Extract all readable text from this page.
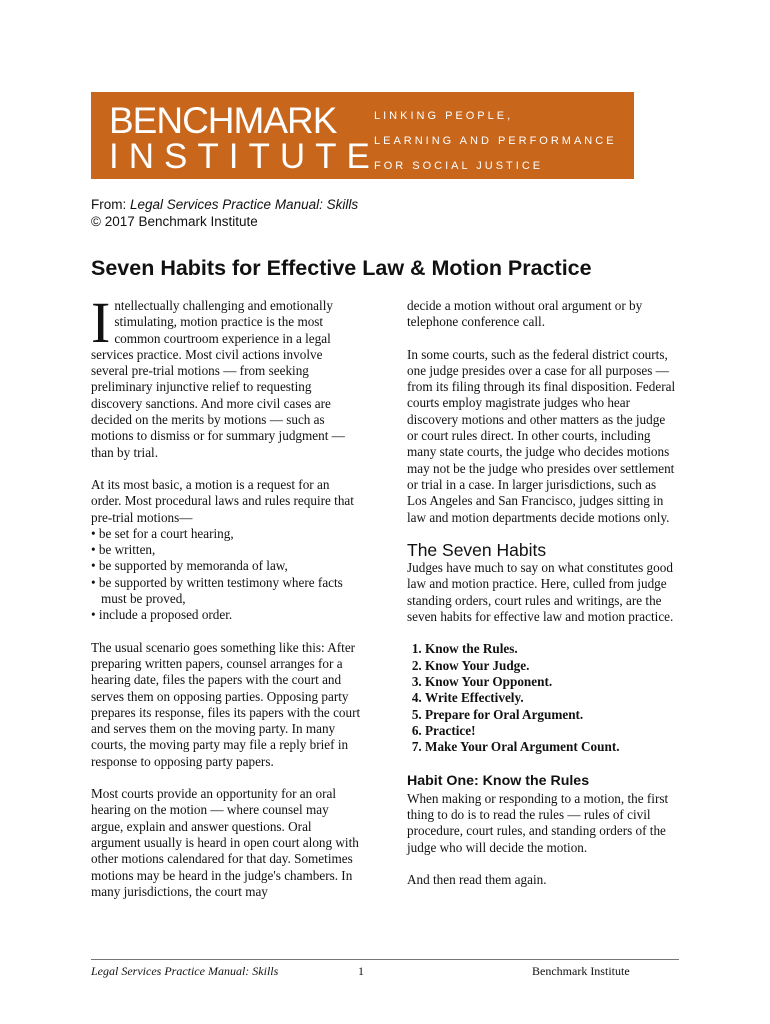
BENCHMARK
INSTITUTE
LINKING PEOPLE,
LEARNING AND PERFORMANCE
FOR SOCIAL JUSTICE
From: Legal Services Practice Manual: Skills
© 2017 Benchmark Institute
Seven Habits for Effective Law & Motion Practice

Intellectually challenging and emotionally stimulating, motion practice is the most common courtroom experience in a legal services practice. Most civil actions involve several pre-trial motions — from seeking preliminary injunctive relief to requesting discovery sanctions. And more civil cases are decided on the merits by motions — such as motions to dismiss or for summary judgment — than by trial.

At its most basic, a motion is a request for an order. Most procedural laws and rules require that pre-trial motions—

• be set for a court hearing,
• be written,
• be supported by memoranda of law,
• be supported by written testimony where facts must be proved,
• include a proposed order.

The usual scenario goes something like this: After preparing written papers, counsel arranges for a hearing date, files the papers with the court and serves them on opposing parties. Opposing party prepares its response, files its papers with the court and serves them on the moving party. In many courts, the moving party may file a reply brief in response to opposing party papers.

Most courts provide an opportunity for an oral hearing on the motion — where counsel may argue, explain and answer questions. Oral argument usually is heard in open court along with other motions calendared for that day. Sometimes motions may be heard in the judge's chambers. In many jurisdictions, the court may

decide a motion without oral argument or by telephone conference call.

In some courts, such as the federal district courts, one judge presides over a case for all purposes — from its filing through its final disposition. Federal courts employ magistrate judges who hear discovery motions and other matters as the judge or court rules direct. In other courts, including many state courts, the judge who decides motions may not be the judge who presides over settlement or trial in a case. In larger jurisdictions, such as Los Angeles and San Francisco, judges sitting in law and motion departments decide motions only.

The Seven Habits

Judges have much to say on what constitutes good law and motion practice. Here, culled from judge standing orders, court rules and writings, are the seven habits for effective law and motion practice.

1. Know the Rules.
2. Know Your Judge.
3. Know Your Opponent.
4. Write Effectively.
5. Prepare for Oral Argument.
6. Practice!
7. Make Your Oral Argument Count.
Habit One: Know the Rules

When making or responding to a motion, the first thing to do is to read the rules — rules of civil procedure, court rules, and standing orders of the judge who will decide the motion.

And then read them again.

Legal Services Practice Manual: Skills	1	Benchmark Institute
